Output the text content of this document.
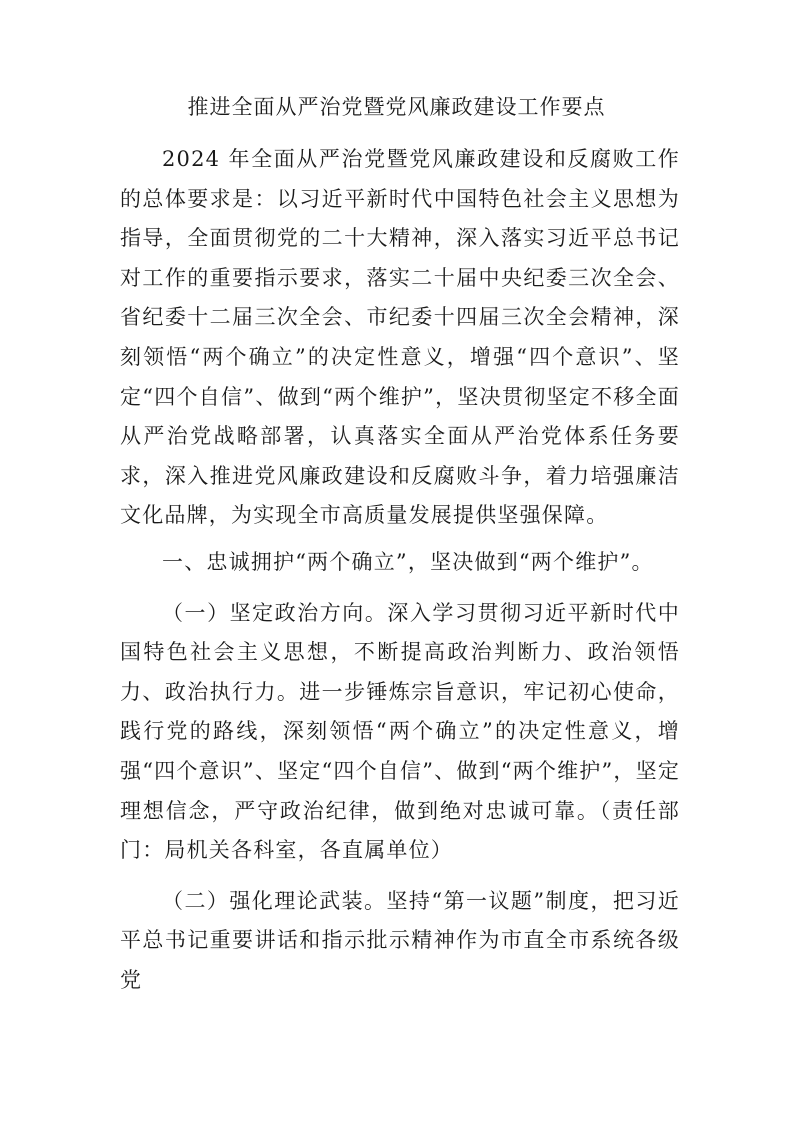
推进全面从严治党暨党风廉政建设工作要点

2024 年全面从严治党暨党风廉政建设和反腐败工作的总体要求是：以习近平新时代中国特色社会主义思想为指导，全面贯彻党的二十大精神，深入落实习近平总书记对工作的重要指示要求，落实二十届中央纪委三次全会、省纪委十二届三次全会、市纪委十四届三次全会精神，深刻领悟“两个确立”的决定性意义，增强“四个意识”、坚定“四个自信”、做到“两个维护”，坚决贯彻坚定不移全面从严治党战略部署，认真落实全面从严治党体系任务要求，深入推进党风廉政建设和反腐败斗争，着力培强廉洁文化品牌，为实现全市高质量发展提供坚强保障。

一、忠诚拥护“两个确立”，坚决做到“两个维护”。

（一）坚定政治方向。深入学习贯彻习近平新时代中国特色社会主义思想，不断提高政治判断力、政治领悟力、政治执行力。进一步锤炼宗旨意识，牢记初心使命，践行党的路线，深刻领悟“两个确立”的决定性意义，增强“四个意识”、坚定“四个自信”、做到“两个维护”，坚定理想信念，严守政治纪律，做到绝对忠诚可靠。（责任部门：局机关各科室，各直属单位）

（二）强化理论武装。坚持“第一议题”制度，把习近平总书记重要讲话和指示批示精神作为市直全市系统各级党
